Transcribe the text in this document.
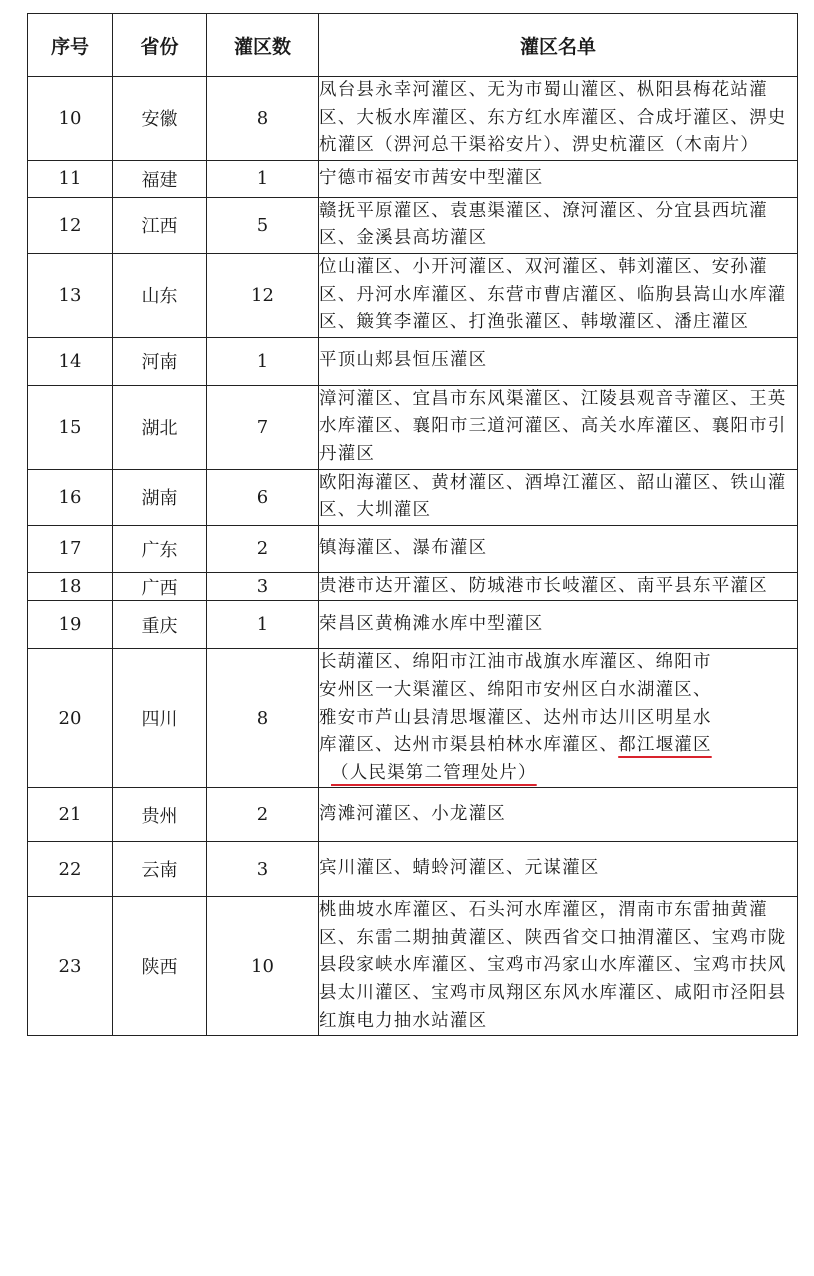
序号	省份	灌区数	灌区名单
10	安徽	8	凤台县永幸河灌区、无为市蜀山灌区、枞阳县梅花站灌区、大板水库灌区、东方红水库灌区、合成圩灌区、淠史杭灌区（淠河总干渠裕安片）、淠史杭灌区（木南片）
11	福建	1	宁德市福安市茜安中型灌区
12	江西	5	赣抚平原灌区、袁惠渠灌区、潦河灌区、分宜县西坑灌区、金溪县高坊灌区
13	山东	12	位山灌区、小开河灌区、双河灌区、韩刘灌区、安孙灌区、丹河水库灌区、东营市曹店灌区、临朐县嵩山水库灌区、簸箕李灌区、打渔张灌区、韩墩灌区、潘庄灌区
14	河南	1	平顶山郏县恒压灌区
15	湖北	7	漳河灌区、宜昌市东风渠灌区、江陵县观音寺灌区、王英水库灌区、襄阳市三道河灌区、高关水库灌区、襄阳市引丹灌区
16	湖南	6	欧阳海灌区、黄材灌区、酒埠江灌区、韶山灌区、铁山灌区、大圳灌区
17	广东	2	镇海灌区、瀑布灌区
18	广西	3	贵港市达开灌区、防城港市长岐灌区、南平县东平灌区
19	重庆	1	荣昌区黄桷滩水库中型灌区
20	四川	8	长葫灌区、绵阳市江油市战旗水库灌区、绵阳市
安州区一大渠灌区、绵阳市安州区白水湖灌区、
雅安市芦山县清思堰灌区、达州市达川区明星水
库灌区、达州市渠县柏林水库灌区、都江堰灌区
（人民渠第二管理处片）
21	贵州	2	湾滩河灌区、小龙灌区
22	云南	3	宾川灌区、蜻蛉河灌区、元谋灌区
23	陕西	10	桃曲坡水库灌区、石头河水库灌区，渭南市东雷抽黄灌区、东雷二期抽黄灌区、陕西省交口抽渭灌区、宝鸡市陇县段家峡水库灌区、宝鸡市冯家山水库灌区、宝鸡市扶风县太川灌区、宝鸡市凤翔区东风水库灌区、咸阳市泾阳县红旗电力抽水站灌区
